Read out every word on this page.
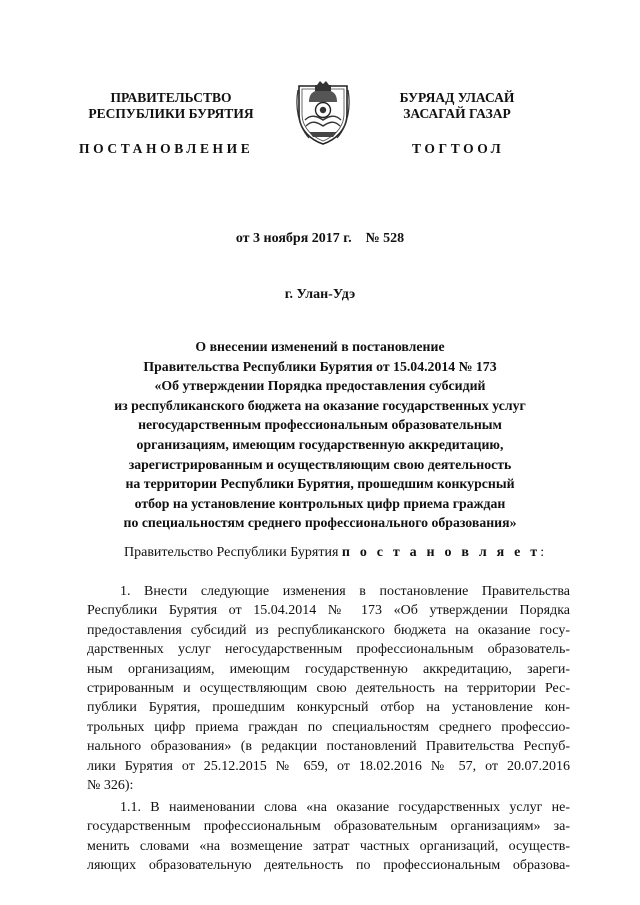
ПРАВИТЕЛЬСТВО
РЕСПУБЛИКИ БУРЯТИЯ
БУРЯАД УЛАСАЙ
ЗАСАГАЙ ГАЗАР
ПОСТАНОВЛЕНИЕ	ТОГТООЛ
от 3 ноября 2017 г.    № 528
г. Улан-Удэ
О внесении изменений в постановление
Правительства Республики Бурятия от 15.04.2014 № 173
«Об утверждении Порядка предоставления субсидий
из республиканского бюджета на оказание государственных услуг
негосударственным профессиональным образовательным
организациям, имеющим государственную аккредитацию,
зарегистрированным и осуществляющим свою деятельность
на территории Республики Бурятия, прошедшим конкурсный
отбор на установление контрольных цифр приема граждан
по специальностям среднего профессионального образования»
Правительство Республики Бурятия п о с т а н о в л я е т:
1. Внести следующие изменения в постановление Правительства
Республики Бурятия от 15.04.2014 № 173 «Об утверждении Порядка
предоставления субсидий из республиканского бюджета на оказание госу-
дарственных услуг негосударственным профессиональным образователь-
ным организациям, имеющим государственную аккредитацию, зареги-
стрированным и осуществляющим свою деятельность на территории Рес-
публики Бурятия, прошедшим конкурсный отбор на установление кон-
трольных цифр приема граждан по специальностям среднего профессио-
нального образования» (в редакции постановлений Правительства Респуб-
лики Бурятия от 25.12.2015 № 659, от 18.02.2016 № 57, от 20.07.2016
№ 326):
1.1. В наименовании слова «на оказание государственных услуг не-
государственным профессиональным образовательным организациям» за-
менить словами «на возмещение затрат частных организаций, осуществ-
ляющих образовательную деятельность по профессиональным образова-
